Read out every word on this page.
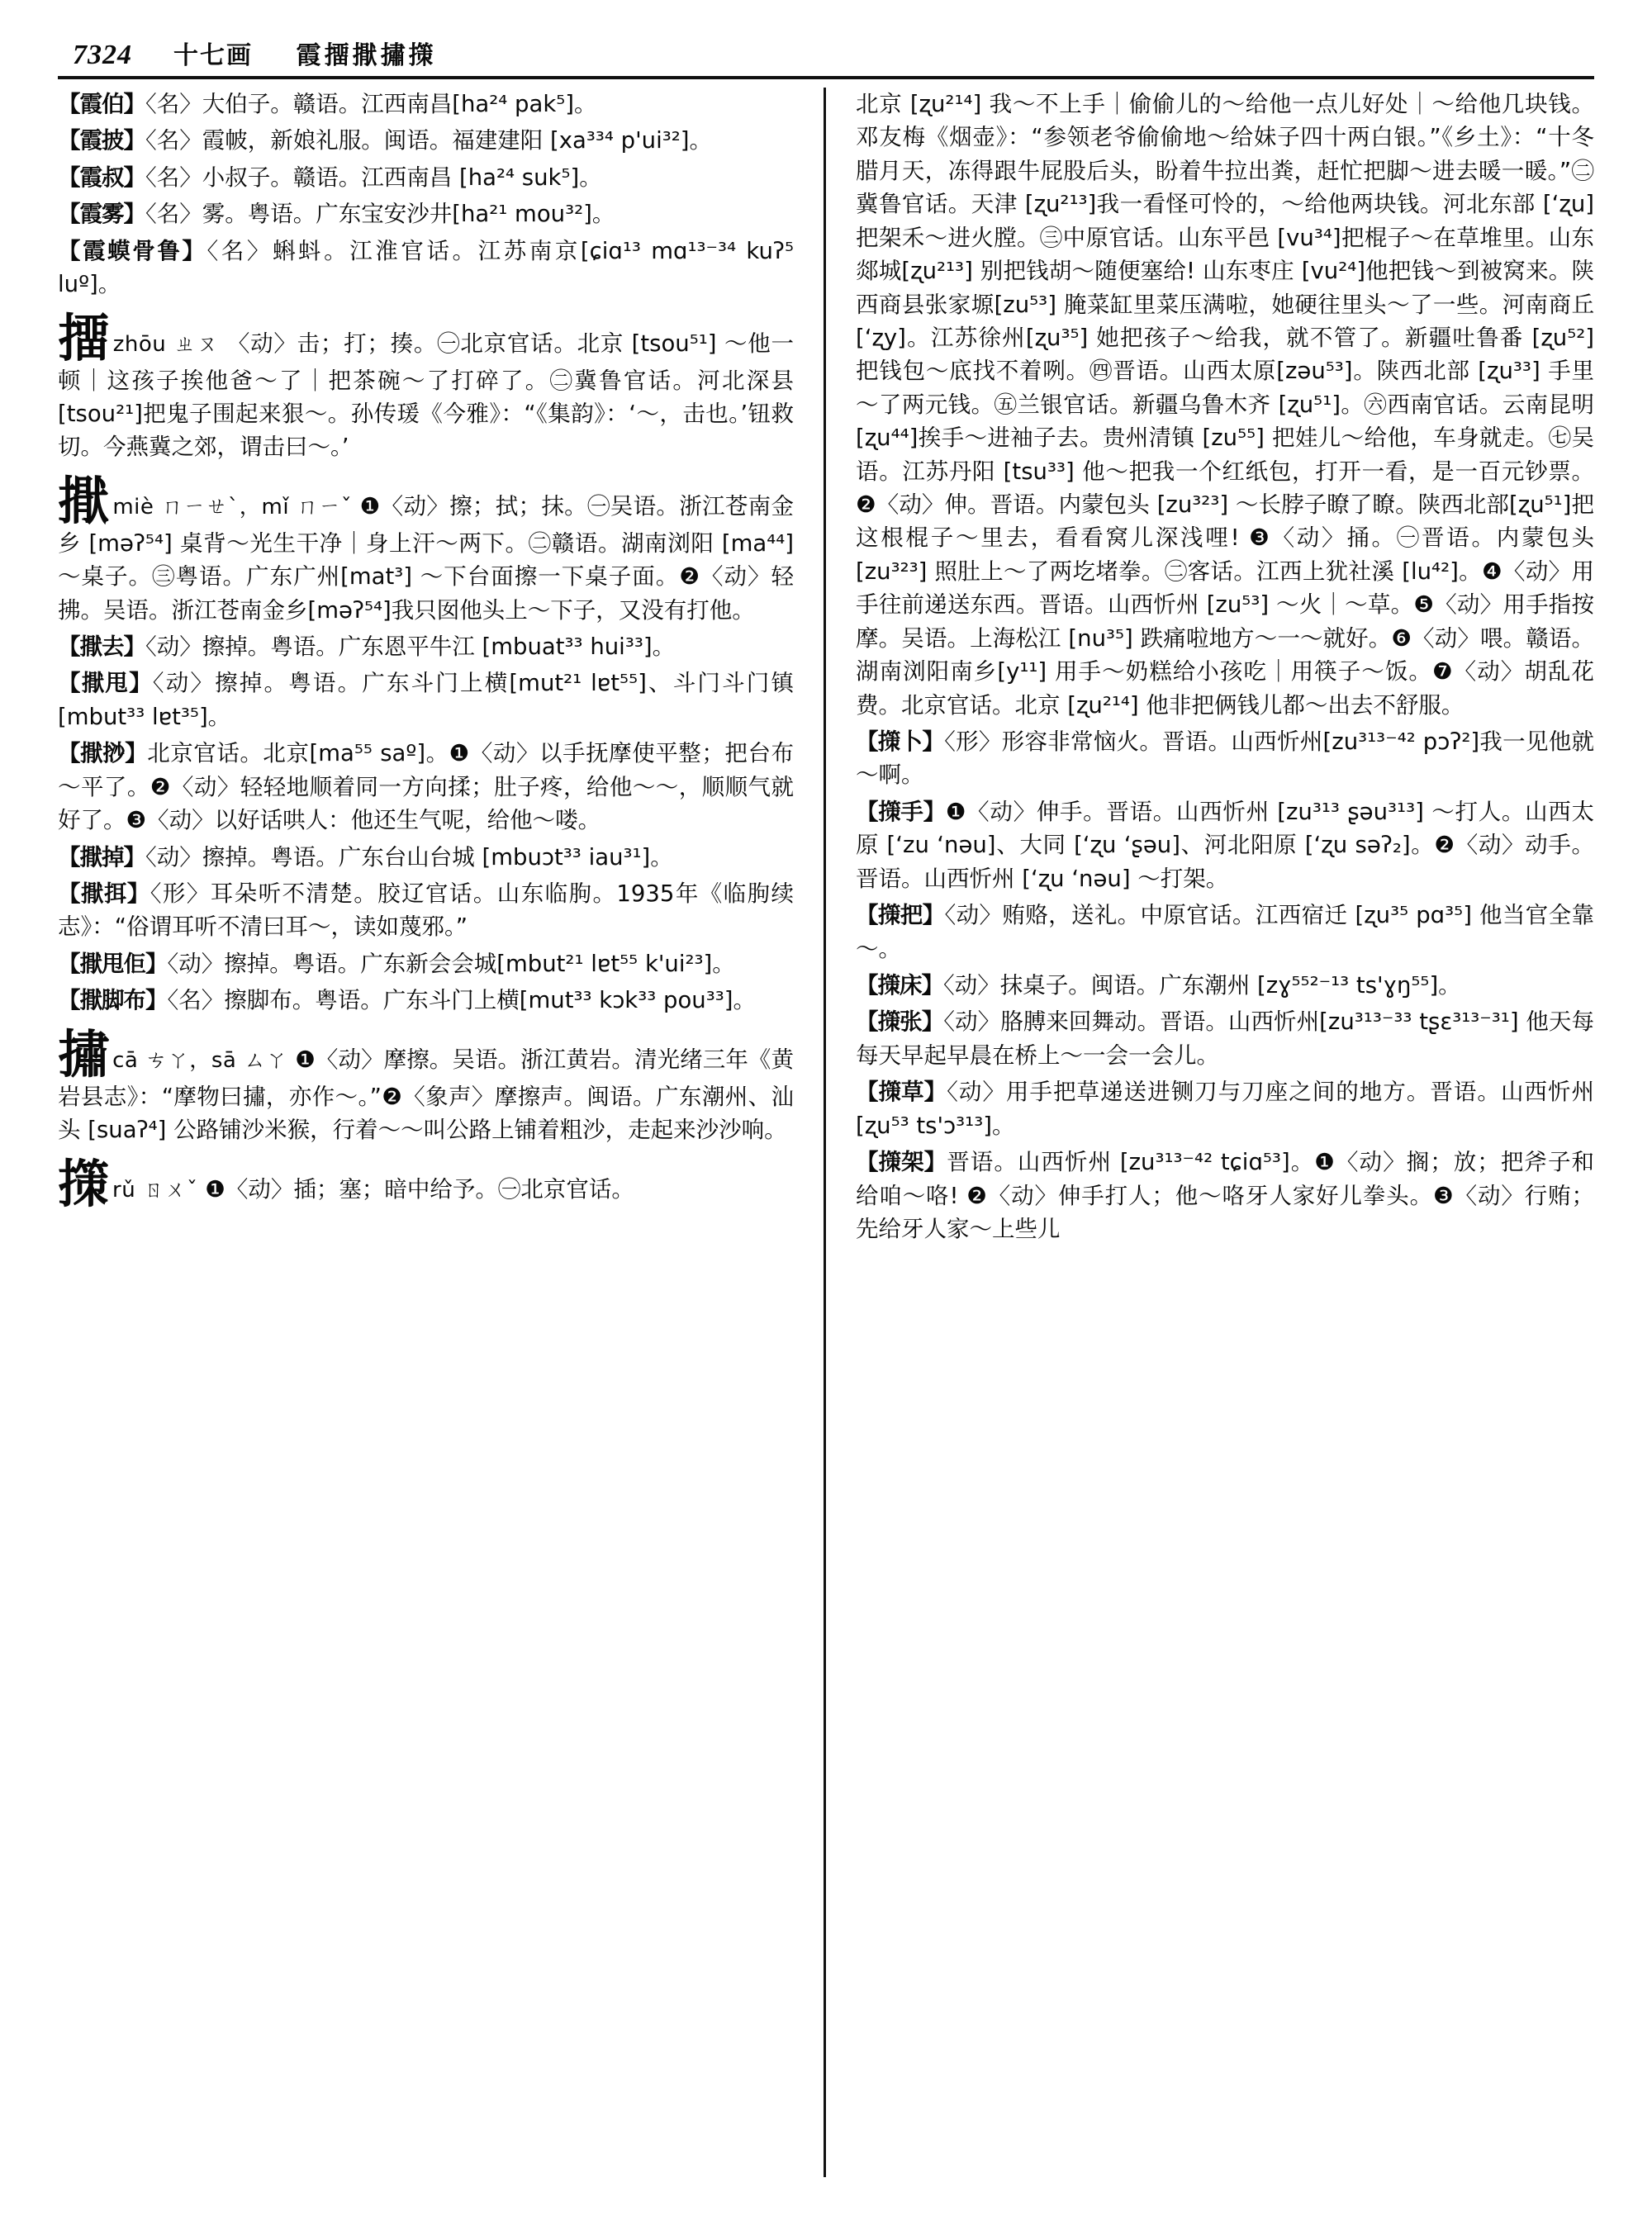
7324 十七画 霞㩅㩎㩋㩍

【霞伯】〈名〉大伯子。赣语。江西南昌[ha²⁴ pak⁵]。

【霞披】〈名〉霞帔，新娘礼服。闽语。福建建阳 [xa³³⁴ p'ui³²]。

【霞叔】〈名〉小叔子。赣语。江西南昌 [ha²⁴ suk⁵]。

【霞雾】〈名〉雾。粤语。广东宝安沙井[ha²¹ mou³²]。

【霞蟆骨鲁】〈名〉蝌蚪。江淮官话。江苏南京[ɕiɑ¹³ mɑ¹³⁻³⁴ kuʔ⁵ luº]。

㩅zhōu ㄓㄡ 〈动〉击；打；揍。㊀北京官话。北京 [tsou⁵¹] ～他一顿｜这孩子挨他爸～了｜把茶碗～了打碎了。㊁冀鲁官话。河北深县 [tsou²¹]把鬼子围起来狠～。孙传瑗《今雅》：“《集韵》：‘～，击也。’钮救切。今燕冀之郊，谓击曰～。’

㩎miè ㄇㄧㄝˋ，mǐ ㄇㄧˇ ❶〈动〉擦；拭；抹。㊀吴语。浙江苍南金乡 [məʔ⁵⁴] 桌背～光生干净｜身上汗～两下。㊁赣语。湖南浏阳 [ma⁴⁴] ～桌子。㊂粤语。广东广州[mat³] ～下台面擦一下桌子面。❷〈动〉轻拂。吴语。浙江苍南金乡[məʔ⁵⁴]我只囡他头上～下子，又没有打他。

【㩎去】〈动〉擦掉。粤语。广东恩平牛江 [mbuat³³ hui³³]。

【㩎甩】〈动〉擦掉。粤语。广东斗门上横[mut²¹ lɐt⁵⁵]、斗门斗门镇 [mbut³³ lɐt³⁵]。

【㩎挱】北京官话。北京[ma⁵⁵ saº]。❶〈动〉以手抚摩使平整；把台布～平了。❷〈动〉轻轻地顺着同一方向揉；肚子疼，给他～～，顺顺气就好了。❸〈动〉以好话哄人：他还生气呢，给他～喽。

【㩎掉】〈动〉擦掉。粤语。广东台山台城 [mbuɔt³³ iau³¹]。

【㩎挕】〈形〉耳朵听不清楚。胶辽官话。山东临朐。1935年《临朐续志》：“俗谓耳听不清曰耳～，读如蔑邪。”

【㩎甩佢】〈动〉擦掉。粤语。广东新会会城[mbut²¹ lɐt⁵⁵ k'ui²³]。

【㩎脚布】〈名〉擦脚布。粤语。广东斗门上横[mut³³ kɔk³³ pou³³]。

㩋cā ㄘㄚ，sā ㄙㄚ ❶〈动〉摩擦。吴语。浙江黄岩。清光绪三年《黄岩县志》：“摩物曰㩋，亦作～。”❷〈象声〉摩擦声。闽语。广东潮州、汕头 [suaʔ⁴] 公路铺沙米猴，行着～～叫公路上铺着粗沙，走起来沙沙响。

㩍rǔ ㄖㄨˇ ❶〈动〉插；塞；暗中给予。㊀北京官话。

北京 [ʐu²¹⁴] 我～不上手｜偷偷儿的～给他一点儿好处｜～给他几块钱。邓友梅《烟壶》：“参领老爷偷偷地～给妹子四十两白银。”《乡土》：“十冬腊月天，冻得跟牛屁股后头，盼着牛拉出粪，赶忙把脚～进去暖一暖。”㊁冀鲁官话。天津 [ʐu²¹³]我一看怪可怜的，～给他两块钱。河北东部 [ʻʐu] 把架禾～进火膛。㊂中原官话。山东平邑 [vu³⁴]把棍子～在草堆里。山东郯城[ʐu²¹³] 别把钱胡～随便塞给! 山东枣庄 [vu²⁴]他把钱～到被窝来。陕西商县张家塬[zu⁵³] 腌菜缸里菜压满啦，她硬往里头～了一些。河南商丘 [ʻʐy]。江苏徐州[ʐu³⁵] 她把孩子～给我，就不管了。新疆吐鲁番 [ʐu⁵²] 把钱包～底找不着咧。㊃晋语。山西太原[zəu⁵³]。陕西北部 [ʐu³³] 手里～了两元钱。㊄兰银官话。新疆乌鲁木齐 [ʐu⁵¹]。㊅西南官话。云南昆明 [ʐu⁴⁴]挨手～进袖子去。贵州清镇 [zu⁵⁵] 把娃儿～给他，车身就走。㊆吴语。江苏丹阳 [tsu³³] 他～把我一个红纸包，打开一看，是一百元钞票。❷〈动〉伸。晋语。内蒙包头 [zu³²³] ～长脖子瞭了瞭。陕西北部[ʐu⁵¹]把这根棍子～里去，看看窝儿深浅哩! ❸〈动〉捅。㊀晋语。内蒙包头 [zu³²³] 照肚上～了两圪堵拳。㊁客话。江西上犹社溪 [lu⁴²]。❹〈动〉用手往前递送东西。晋语。山西忻州 [zu⁵³] ～火｜～草。❺〈动〉用手指按摩。吴语。上海松江 [nu³⁵] 跌痛啦地方～一～就好。❻〈动〉喂。赣语。湖南浏阳南乡[y¹¹] 用手～奶糕给小孩吃｜用筷子～饭。❼〈动〉胡乱花费。北京官话。北京 [ʐu²¹⁴] 他非把俩钱儿都～出去不舒服。

【㩍卜】〈形〉形容非常恼火。晋语。山西忻州[zu³¹³⁻⁴² pɔʔ²]我一见他就～啊。

【㩍手】❶〈动〉伸手。晋语。山西忻州 [zu³¹³ ʂəu³¹³] ～打人。山西太原 [ʻzu ʻnəu]、大同 [ʻʐu ʻʂəu]、河北阳原 [ʻʐu səʔ₂]。❷〈动〉动手。晋语。山西忻州 [ʻʐu ʻnəu] ～打架。

【㩍把】〈动〉贿赂，送礼。中原官话。江西宿迁 [ʐu³⁵ pɑ³⁵] 他当官全靠～。

【㩍床】〈动〉抹桌子。闽语。广东潮州 [zɣ⁵⁵²⁻¹³ ts'ɣŋ⁵⁵]。

【㩍张】〈动〉胳膊来回舞动。晋语。山西忻州[zu³¹³⁻³³ tʂɛ³¹³⁻³¹] 他天每每天早起早晨在桥上～一会一会儿。

【㩍草】〈动〉用手把草递送进铡刀与刀座之间的地方。晋语。山西忻州 [ʐu⁵³ ts'ɔ³¹³]。

【㩍架】晋语。山西忻州 [zu³¹³⁻⁴² tɕiɑ⁵³]。❶〈动〉搁；放；把斧子和给咱～咯! ❷〈动〉伸手打人；他～咯牙人家好儿拳头。❸〈动〉行贿；先给牙人家～上些儿
